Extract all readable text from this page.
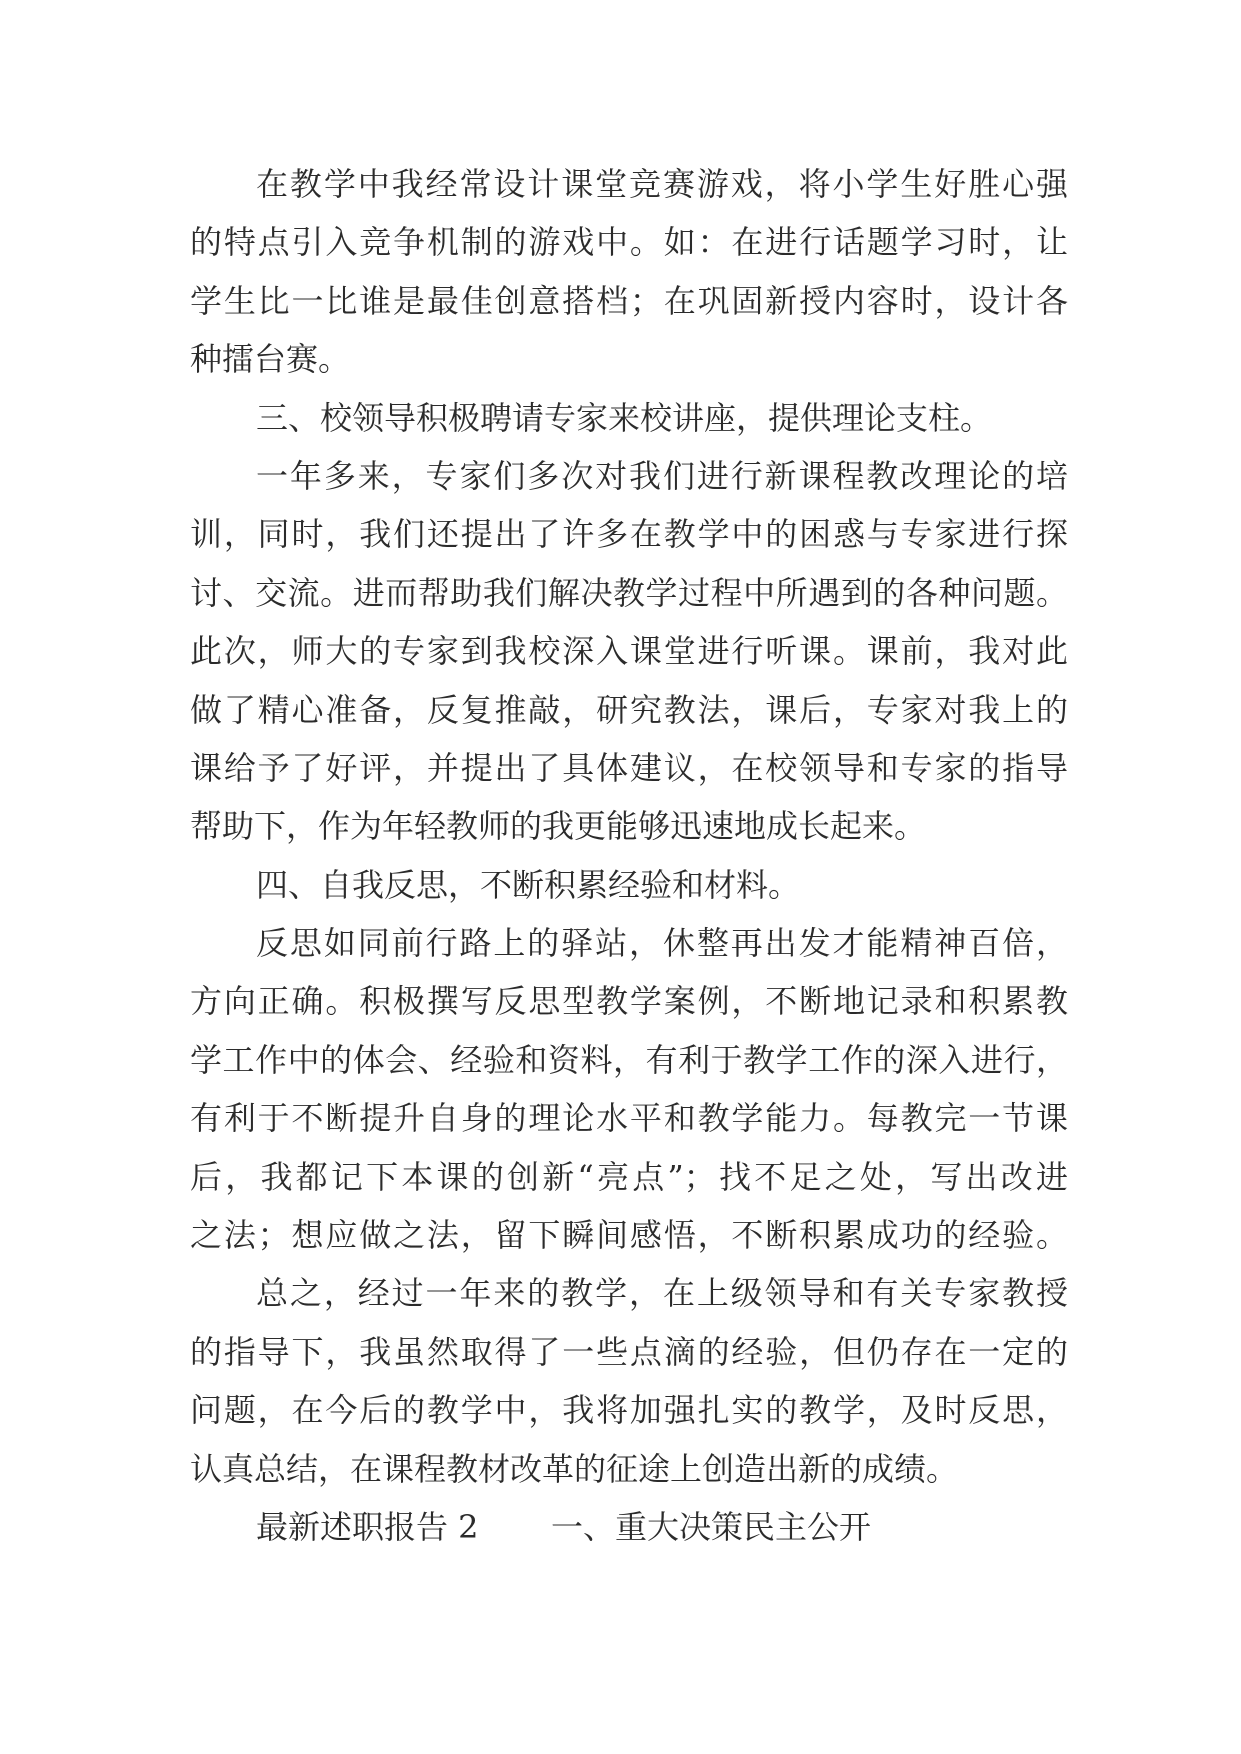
在教学中我经常设计课堂竞赛游戏，将小学生好胜心强
的特点引入竞争机制的游戏中。如：在进行话题学习时，让
学生比一比谁是最佳创意搭档；在巩固新授内容时，设计各
种擂台赛。
三、校领导积极聘请专家来校讲座，提供理论支柱。
一年多来，专家们多次对我们进行新课程教改理论的培
训，同时，我们还提出了许多在教学中的困惑与专家进行探
讨、交流。进而帮助我们解决教学过程中所遇到的各种问题。
此次，师大的专家到我校深入课堂进行听课。课前，我对此
做了精心准备，反复推敲，研究教法，课后，专家对我上的
课给予了好评，并提出了具体建议，在校领导和专家的指导
帮助下，作为年轻教师的我更能够迅速地成长起来。
四、自我反思，不断积累经验和材料。
反思如同前行路上的驿站，休整再出发才能精神百倍，
方向正确。积极撰写反思型教学案例，不断地记录和积累教
学工作中的体会、经验和资料，有利于教学工作的深入进行，
有利于不断提升自身的理论水平和教学能力。每教完一节课
后，我都记下本课的创新“亮点”；找不足之处，写出改进
之法；想应做之法，留下瞬间感悟，不断积累成功的经验。
总之，经过一年来的教学，在上级领导和有关专家教授
的指导下，我虽然取得了一些点滴的经验，但仍存在一定的
问题，在今后的教学中，我将加强扎实的教学，及时反思，
认真总结，在课程教材改革的征途上创造出新的成绩。
最新述职报告 2 一、重大决策民主公开
